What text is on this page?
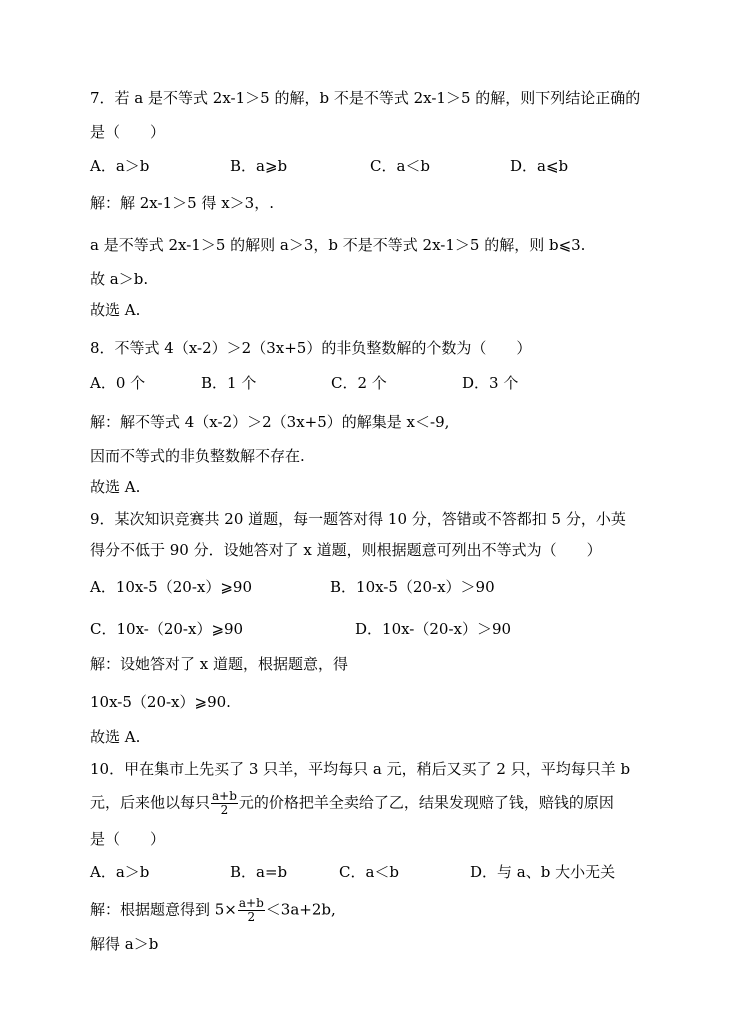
7．若 a 是不等式 2x-1＞5 的解，b 不是不等式 2x-1＞5 的解，则下列结论正确的
是（　　）
A．a＞b	B．a⩾b	C．a＜b	D．a⩽b
解：解 2x-1＞5 得 x＞3，.
a 是不等式 2x-1＞5 的解则 a＞3，b 不是不等式 2x-1＞5 的解，则 b⩽3.
故 a＞b.
故选 A.
8．不等式 4（x-2）＞2（3x+5）的非负整数解的个数为（　　）
A．0 个	B．1 个	C．2 个	D．3 个
解：解不等式 4（x-2）＞2（3x+5）的解集是 x＜-9,
因而不等式的非负整数解不存在.
故选 A.
9．某次知识竞赛共 20 道题，每一题答对得 10 分，答错或不答都扣 5 分，小英
得分不低于 90 分．设她答对了 x 道题，则根据题意可列出不等式为（　　）
A．10x-5（20-x）⩾90	B．10x-5（20-x）＞90
C．10x-（20-x）⩾90	D．10x-（20-x）＞90
解：设她答对了 x 道题，根据题意，得
10x-5（20-x）⩾90.
故选 A.
10．甲在集市上先买了 3 只羊，平均每只 a 元，稍后又买了 2 只，平均每只羊 b
元，后来他以每只 $\frac{a+b}{2}$ 元的价格把羊全卖给了乙，结果发现赔了钱，赔钱的原因
是（　　）
A．a＞b	B．a=b	C．a＜b	D．与 a、b 大小无关
解：根据题意得到 $5\times \frac{a+b}{2} <3a+2b$,
解得 a＞b
